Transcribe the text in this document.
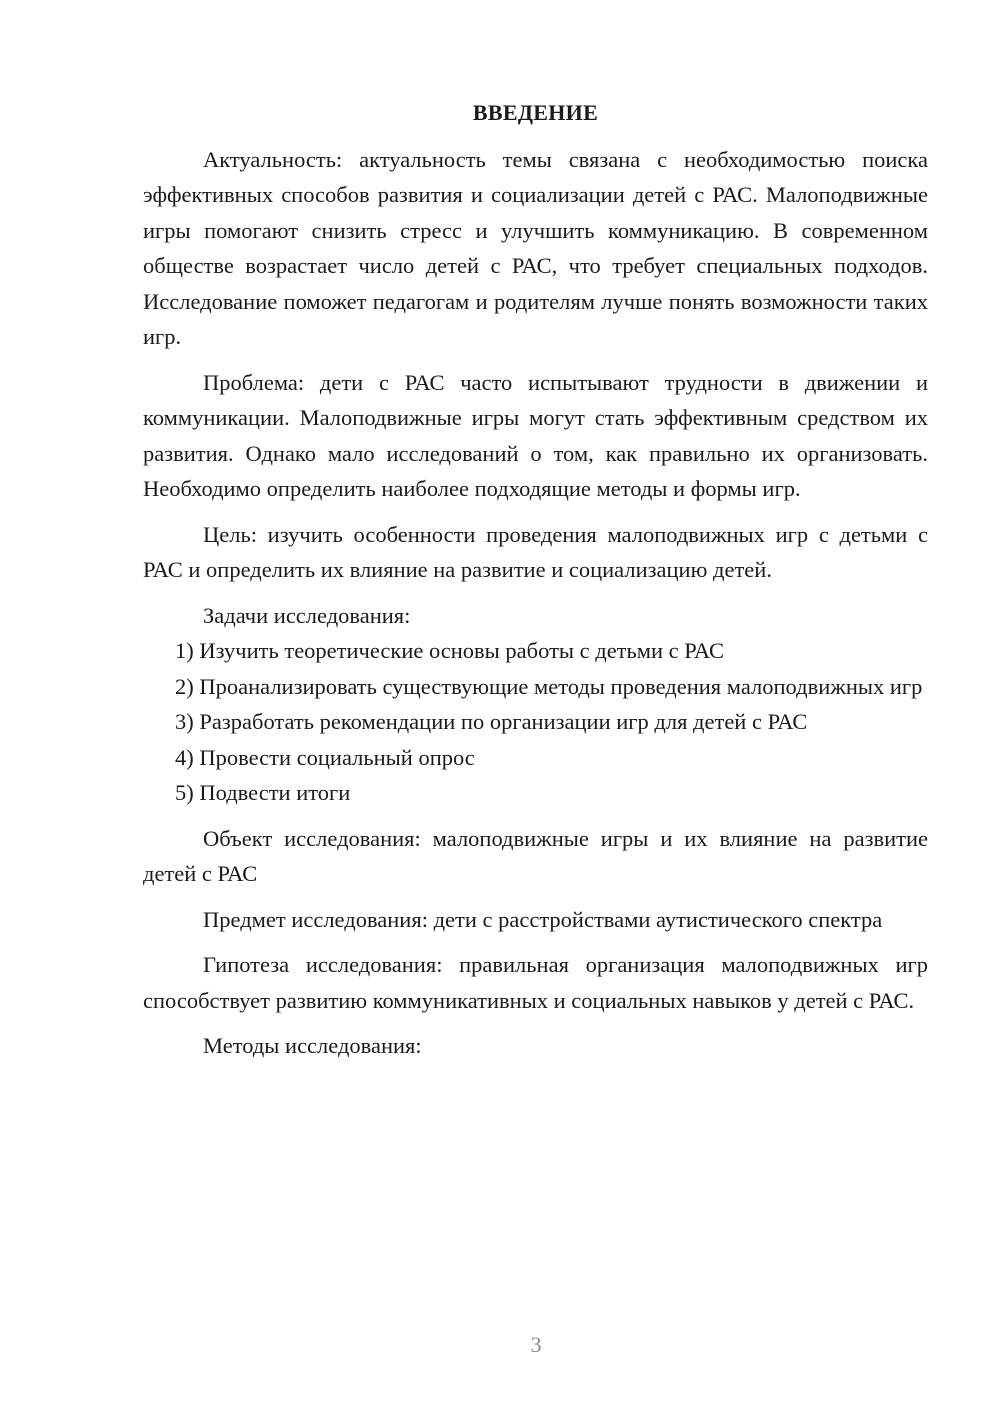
ВВЕДЕНИЕ

Актуальность: актуальность темы связана с необходимостью поиска эффективных способов развития и социализации детей с РАС. Малоподвижные игры помогают снизить стресс и улучшить коммуникацию. В современном обществе возрастает число детей с РАС, что требует специальных подходов. Исследование поможет педагогам и родителям лучше понять возможности таких игр.

Проблема: дети с РАС часто испытывают трудности в движении и коммуникации. Малоподвижные игры могут стать эффективным средством их развития. Однако мало исследований о том, как правильно их организовать. Необходимо определить наиболее подходящие методы и формы игр.

Цель: изучить особенности проведения малоподвижных игр с детьми с РАС и определить их влияние на развитие и социализацию детей.

Задачи исследования:

1) Изучить теоретические основы работы с детьми с РАС

2) Проанализировать существующие методы проведения малоподвижных игр

3) Разработать рекомендации по организации игр для детей с РАС

4) Провести социальный опрос

5) Подвести итоги

Объект исследования: малоподвижные игры и их влияние на развитие детей с РАС

Предмет исследования: дети с расстройствами аутистического спектра

Гипотеза исследования: правильная организация малоподвижных игр способствует развитию коммуникативных и социальных навыков у детей с РАС.

Методы исследования:

3
